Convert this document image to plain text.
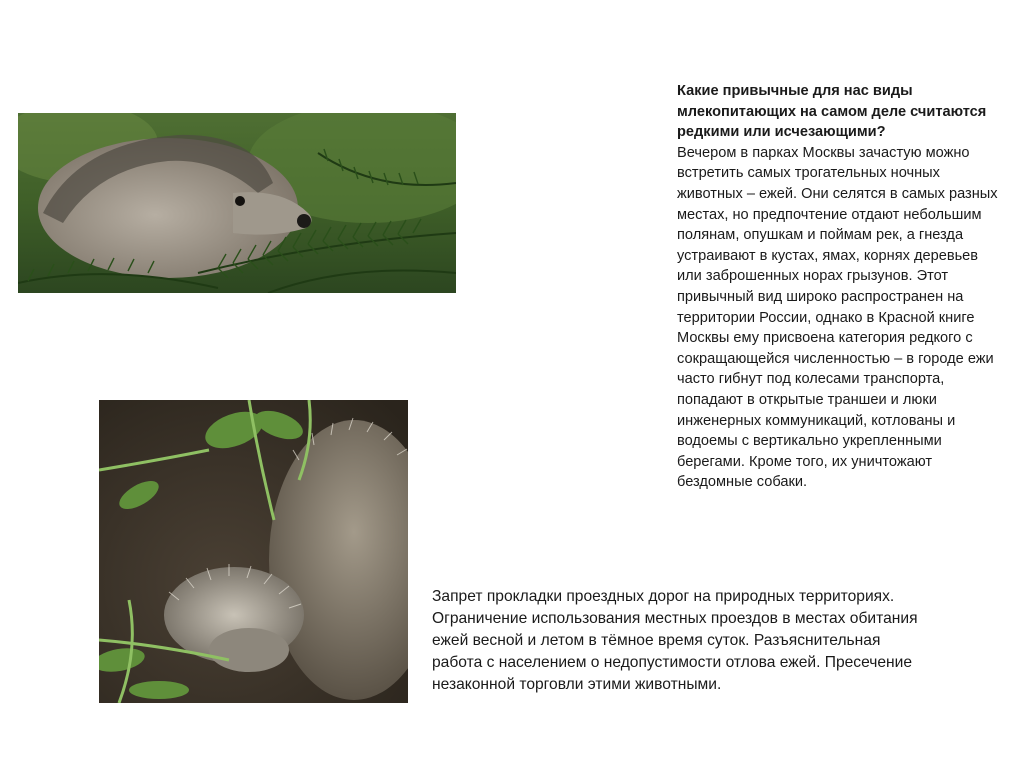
Какие привычные для нас виды млекопитающих на самом деле считаются редкими или исчезающими?
Вечером в парках Москвы зачастую можно встретить самых трогательных ночных животных – ежей. Они селятся в самых разных местах, но предпочтение отдают небольшим полянам, опушкам и поймам рек, а гнезда устраивают в кустах, ямах, корнях деревьев или заброшенных норах грызунов. Этот привычный вид широко распространен на территории России, однако в Красной книге Москвы ему присвоена категория редкого с сокращающейся численностью – в городе ежи часто гибнут под колесами транспорта, попадают в открытые траншеи и люки инженерных коммуникаций, котлованы и водоемы с вертикально укрепленными берегами. Кроме того, их уничтожают бездомные собаки.
Запрет прокладки проездных дорог на природных территориях. Ограничение использования местных проездов в местах обитания ежей весной и летом в тёмное время суток. Разъяснительная работа с населением о недопустимости отлова ежей. Пресечение незаконной торговли этими животными.
